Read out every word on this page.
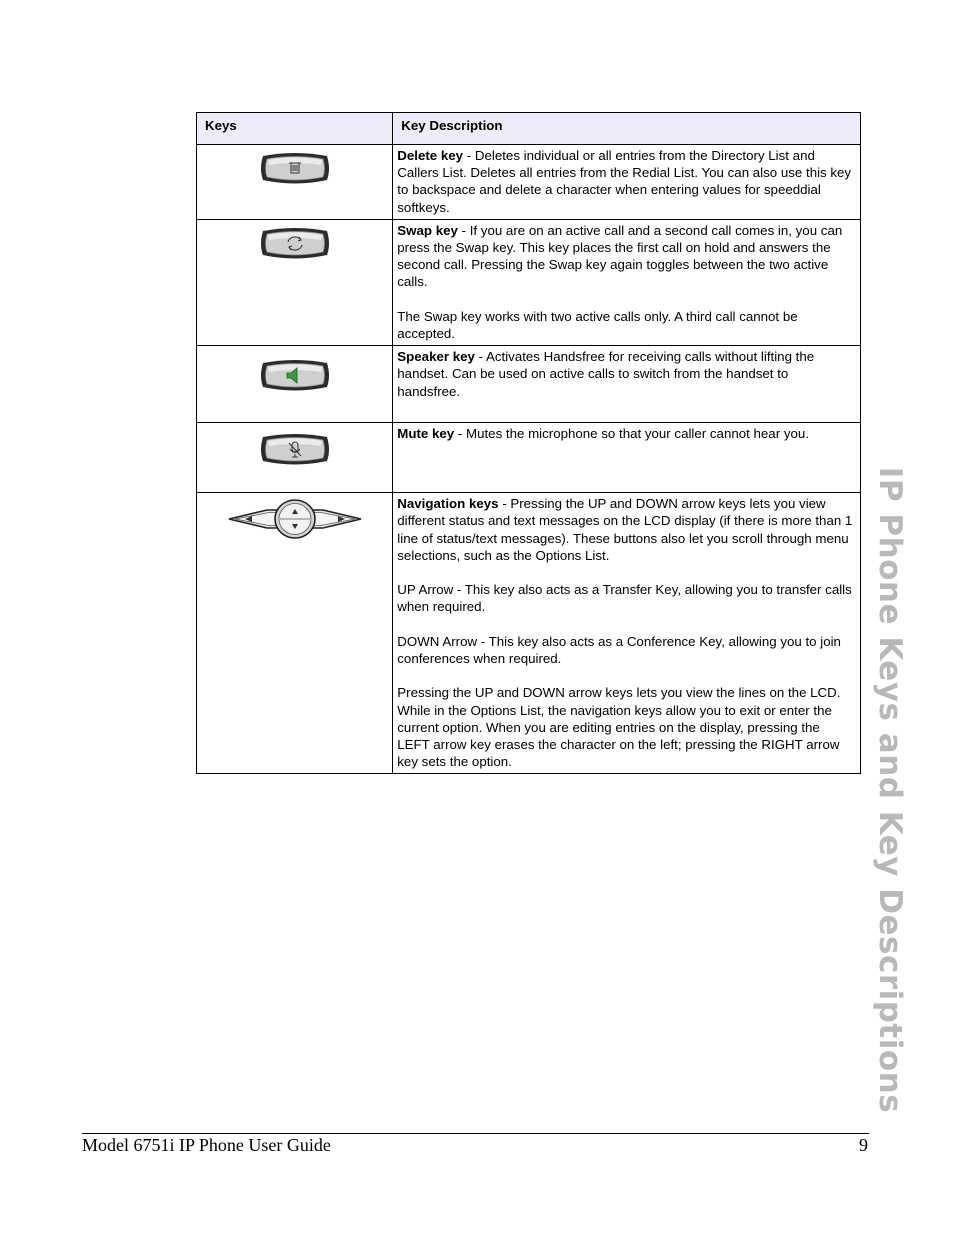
Keys	Key Description

Delete key - Deletes individual or all entries from the Directory List and Callers List. Deletes all entries from the Redial List. You can also use this key to backspace and delete a character when entering values for speeddial softkeys.

Swap key - If you are on an active call and a second call comes in, you can press the Swap key. This key places the first call on hold and answers the second call. Pressing the Swap key again toggles between the two active calls.

The Swap key works with two active calls only. A third call cannot be accepted.

Speaker key - Activates Handsfree for receiving calls without lifting the handset. Can be used on active calls to switch from the handset to handsfree.

Mute key - Mutes the microphone so that your caller cannot hear you.

Navigation keys - Pressing the UP and DOWN arrow keys lets you view different status and text messages on the LCD display (if there is more than 1 line of status/text messages). These buttons also let you scroll through menu selections, such as the Options List.

UP Arrow - This key also acts as a Transfer Key, allowing you to transfer calls when required.

DOWN Arrow - This key also acts as a Conference Key, allowing you to join conferences when required.

Pressing the UP and DOWN arrow keys lets you view the lines on the LCD. While in the Options List, the navigation keys allow you to exit or enter the current option. When you are editing entries on the display, pressing the LEFT arrow key erases the character on the left; pressing the RIGHT arrow key sets the option.	IP Phone Keys and Key Descriptions
Model 6751i IP Phone User Guide	9
